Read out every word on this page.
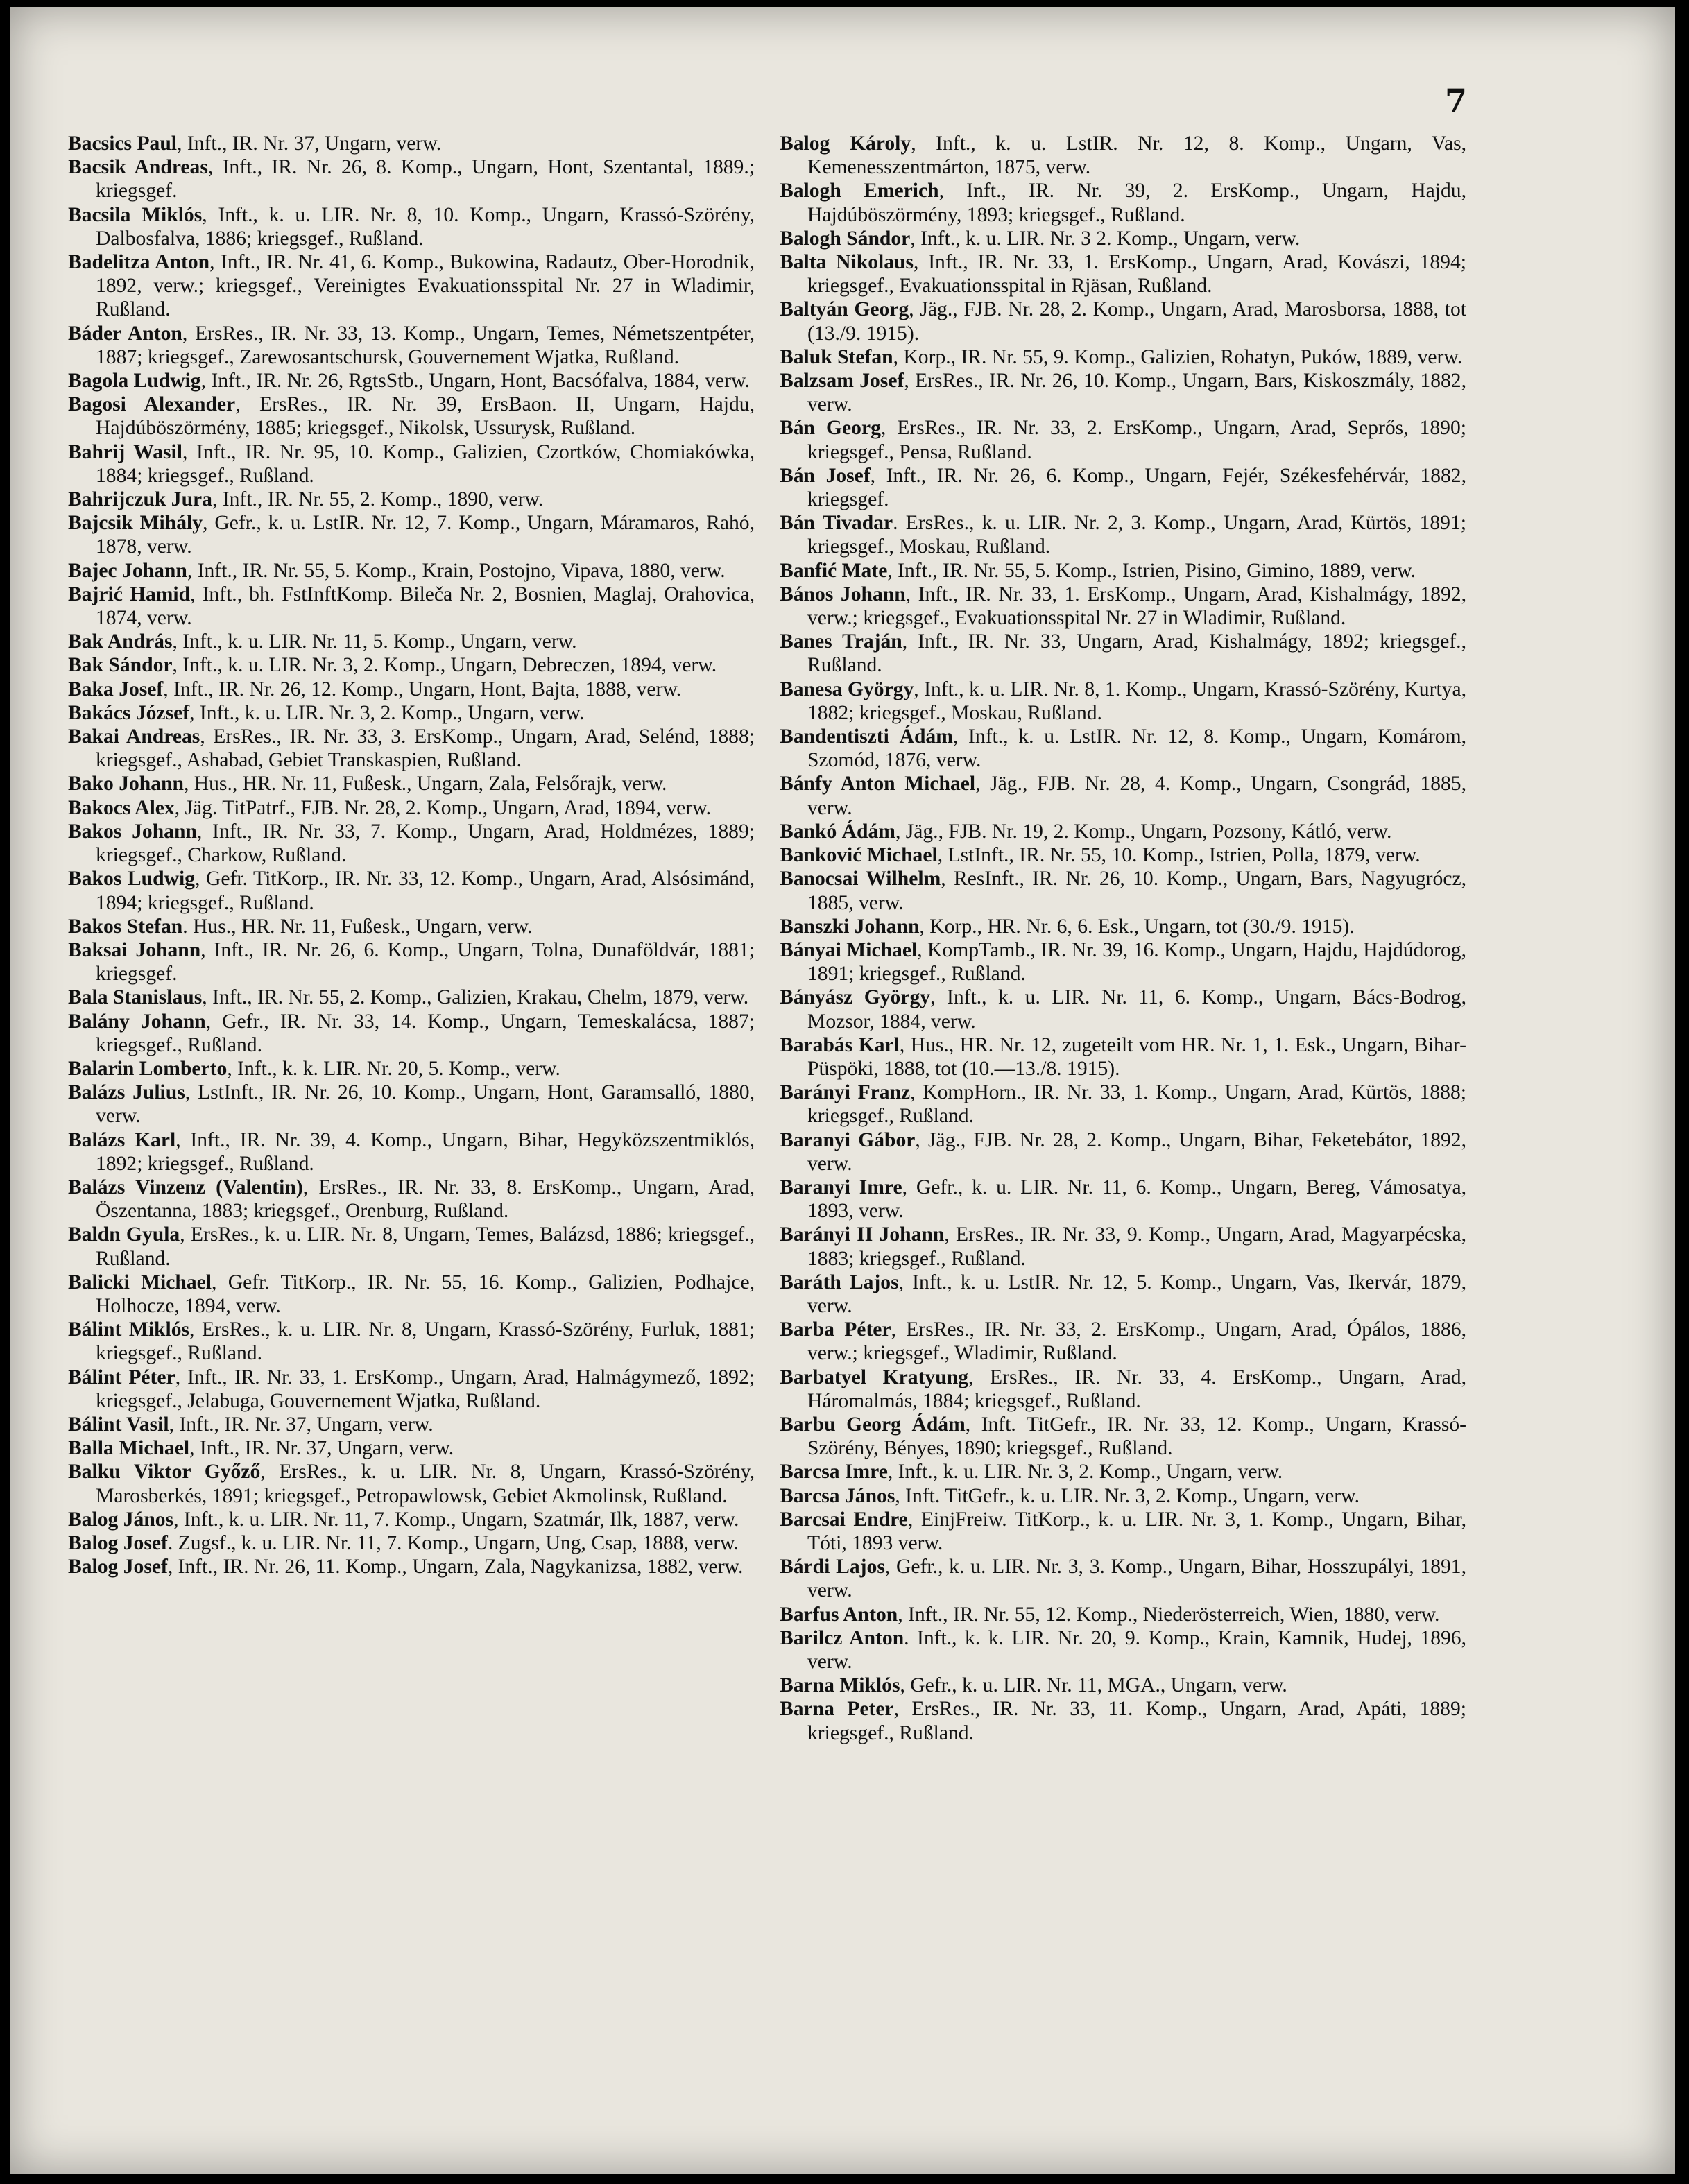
7

Bacsics Paul, Inft., IR. Nr. 37, Ungarn, verw.

Bacsik Andreas, Inft., IR. Nr. 26, 8. Komp., Ungarn, Hont, Szentantal, 1889.; kriegsgef.

Bacsila Miklós, Inft., k. u. LIR. Nr. 8, 10. Komp., Ungarn, Krassó-Szörény, Dalbosfalva, 1886; kriegsgef., Rußland.

Badelitza Anton, Inft., IR. Nr. 41, 6. Komp., Bukowina, Radautz, Ober-Horodnik, 1892, verw.; kriegsgef., Vereinigtes Evakuationsspital Nr. 27 in Wladimir, Rußland.

Báder Anton, ErsRes., IR. Nr. 33, 13. Komp., Ungarn, Temes, Németszentpéter, 1887; kriegsgef., Zarewosantschursk, Gouvernement Wjatka, Rußland.

Bagola Ludwig, Inft., IR. Nr. 26, RgtsStb., Ungarn, Hont, Bacsófalva, 1884, verw.

Bagosi Alexander, ErsRes., IR. Nr. 39, ErsBaon. II, Ungarn, Hajdu, Hajdúböszörmény, 1885; kriegsgef., Nikolsk, Ussurysk, Rußland.

Bahrij Wasil, Inft., IR. Nr. 95, 10. Komp., Galizien, Czortków, Chomiakówka, 1884; kriegsgef., Rußland.

Bahrijczuk Jura, Inft., IR. Nr. 55, 2. Komp., 1890, verw.

Bajcsik Mihály, Gefr., k. u. LstIR. Nr. 12, 7. Komp., Ungarn, Máramaros, Rahó, 1878, verw.

Bajec Johann, Inft., IR. Nr. 55, 5. Komp., Krain, Postojno, Vipava, 1880, verw.

Bajrić Hamid, Inft., bh. FstInftKomp. Bileča Nr. 2, Bosnien, Maglaj, Orahovica, 1874, verw.

Bak András, Inft., k. u. LIR. Nr. 11, 5. Komp., Ungarn, verw.

Bak Sándor, Inft., k. u. LIR. Nr. 3, 2. Komp., Ungarn, Debreczen, 1894, verw.

Baka Josef, Inft., IR. Nr. 26, 12. Komp., Ungarn, Hont, Bajta, 1888, verw.

Bakács József, Inft., k. u. LIR. Nr. 3, 2. Komp., Ungarn, verw.

Bakai Andreas, ErsRes., IR. Nr. 33, 3. ErsKomp., Ungarn, Arad, Selénd, 1888; kriegsgef., Ashabad, Gebiet Transkaspien, Rußland.

Bako Johann, Hus., HR. Nr. 11, Fußesk., Ungarn, Zala, Felsőrajk, verw.

Bakocs Alex, Jäg. TitPatrf., FJB. Nr. 28, 2. Komp., Ungarn, Arad, 1894, verw.

Bakos Johann, Inft., IR. Nr. 33, 7. Komp., Ungarn, Arad, Holdmézes, 1889; kriegsgef., Charkow, Rußland.

Bakos Ludwig, Gefr. TitKorp., IR. Nr. 33, 12. Komp., Ungarn, Arad, Alsósimánd, 1894; kriegsgef., Rußland.

Bakos Stefan. Hus., HR. Nr. 11, Fußesk., Ungarn, verw.

Baksai Johann, Inft., IR. Nr. 26, 6. Komp., Ungarn, Tolna, Dunaföldvár, 1881; kriegsgef.

Bala Stanislaus, Inft., IR. Nr. 55, 2. Komp., Galizien, Krakau, Chelm, 1879, verw.

Balány Johann, Gefr., IR. Nr. 33, 14. Komp., Ungarn, Temeskalácsa, 1887; kriegsgef., Rußland.

Balarin Lomberto, Inft., k. k. LIR. Nr. 20, 5. Komp., verw.

Balázs Julius, LstInft., IR. Nr. 26, 10. Komp., Ungarn, Hont, Garamsalló, 1880, verw.

Balázs Karl, Inft., IR. Nr. 39, 4. Komp., Ungarn, Bihar, Hegyközszentmiklós, 1892; kriegsgef., Rußland.

Balázs Vinzenz (Valentin), ErsRes., IR. Nr. 33, 8. ErsKomp., Ungarn, Arad, Öszentanna, 1883; kriegsgef., Orenburg, Rußland.

Baldn Gyula, ErsRes., k. u. LIR. Nr. 8, Ungarn, Temes, Balázsd, 1886; kriegsgef., Rußland.

Balicki Michael, Gefr. TitKorp., IR. Nr. 55, 16. Komp., Galizien, Podhajce, Holhocze, 1894, verw.

Bálint Miklós, ErsRes., k. u. LIR. Nr. 8, Ungarn, Krassó-Szörény, Furluk, 1881; kriegsgef., Rußland.

Bálint Péter, Inft., IR. Nr. 33, 1. ErsKomp., Ungarn, Arad, Halmágymező, 1892; kriegsgef., Jelabuga, Gouvernement Wjatka, Rußland.

Bálint Vasil, Inft., IR. Nr. 37, Ungarn, verw.

Balla Michael, Inft., IR. Nr. 37, Ungarn, verw.

Balku Viktor Győző, ErsRes., k. u. LIR. Nr. 8, Ungarn, Krassó-Szörény, Marosberkés, 1891; kriegsgef., Petropawlowsk, Gebiet Akmolinsk, Rußland.

Balog János, Inft., k. u. LIR. Nr. 11, 7. Komp., Ungarn, Szatmár, Ilk, 1887, verw.

Balog Josef. Zugsf., k. u. LIR. Nr. 11, 7. Komp., Ungarn, Ung, Csap, 1888, verw.

Balog Josef, Inft., IR. Nr. 26, 11. Komp., Ungarn, Zala, Nagykanizsa, 1882, verw.

Balog Károly, Inft., k. u. LstIR. Nr. 12, 8. Komp., Ungarn, Vas, Kemenesszentmárton, 1875, verw.

Balogh Emerich, Inft., IR. Nr. 39, 2. ErsKomp., Ungarn, Hajdu, Hajdúböszörmény, 1893; kriegsgef., Rußland.

Balogh Sándor, Inft., k. u. LIR. Nr. 3 2. Komp., Ungarn, verw.

Balta Nikolaus, Inft., IR. Nr. 33, 1. ErsKomp., Ungarn, Arad, Kovászi, 1894; kriegsgef., Evakuationsspital in Rjäsan, Rußland.

Baltyán Georg, Jäg., FJB. Nr. 28, 2. Komp., Ungarn, Arad, Marosborsa, 1888, tot (13./9. 1915).

Baluk Stefan, Korp., IR. Nr. 55, 9. Komp., Galizien, Rohatyn, Puków, 1889, verw.

Balzsam Josef, ErsRes., IR. Nr. 26, 10. Komp., Ungarn, Bars, Kiskoszmály, 1882, verw.

Bán Georg, ErsRes., IR. Nr. 33, 2. ErsKomp., Ungarn, Arad, Seprős, 1890; kriegsgef., Pensa, Rußland.

Bán Josef, Inft., IR. Nr. 26, 6. Komp., Ungarn, Fejér, Székesfehérvár, 1882, kriegsgef.

Bán Tivadar. ErsRes., k. u. LIR. Nr. 2, 3. Komp., Ungarn, Arad, Kürtös, 1891; kriegsgef., Moskau, Rußland.

Banfić Mate, Inft., IR. Nr. 55, 5. Komp., Istrien, Pisino, Gimino, 1889, verw.

Bános Johann, Inft., IR. Nr. 33, 1. ErsKomp., Ungarn, Arad, Kishalmágy, 1892, verw.; kriegsgef., Evakuationsspital Nr. 27 in Wladimir, Rußland.

Banes Traján, Inft., IR. Nr. 33, Ungarn, Arad, Kishalmágy, 1892; kriegsgef., Rußland.

Banesa György, Inft., k. u. LIR. Nr. 8, 1. Komp., Ungarn, Krassó-Szörény, Kurtya, 1882; kriegsgef., Moskau, Rußland.

Bandentiszti Ádám, Inft., k. u. LstIR. Nr. 12, 8. Komp., Ungarn, Komárom, Szomód, 1876, verw.

Bánfy Anton Michael, Jäg., FJB. Nr. 28, 4. Komp., Ungarn, Csongrád, 1885, verw.

Bankó Ádám, Jäg., FJB. Nr. 19, 2. Komp., Ungarn, Pozsony, Kátló, verw.

Banković Michael, LstInft., IR. Nr. 55, 10. Komp., Istrien, Polla, 1879, verw.

Banocsai Wilhelm, ResInft., IR. Nr. 26, 10. Komp., Ungarn, Bars, Nagyugrócz, 1885, verw.

Banszki Johann, Korp., HR. Nr. 6, 6. Esk., Ungarn, tot (30./9. 1915).

Bányai Michael, KompTamb., IR. Nr. 39, 16. Komp., Ungarn, Hajdu, Hajdúdorog, 1891; kriegsgef., Rußland.

Bányász György, Inft., k. u. LIR. Nr. 11, 6. Komp., Ungarn, Bács-Bodrog, Mozsor, 1884, verw.

Barabás Karl, Hus., HR. Nr. 12, zugeteilt vom HR. Nr. 1, 1. Esk., Ungarn, Bihar-Püspöki, 1888, tot (10.—13./8. 1915).

Barányi Franz, KompHorn., IR. Nr. 33, 1. Komp., Ungarn, Arad, Kürtös, 1888; kriegsgef., Rußland.

Baranyi Gábor, Jäg., FJB. Nr. 28, 2. Komp., Ungarn, Bihar, Feketebátor, 1892, verw.

Baranyi Imre, Gefr., k. u. LIR. Nr. 11, 6. Komp., Ungarn, Bereg, Vámosatya, 1893, verw.

Barányi II Johann, ErsRes., IR. Nr. 33, 9. Komp., Ungarn, Arad, Magyarpécska, 1883; kriegsgef., Rußland.

Baráth Lajos, Inft., k. u. LstIR. Nr. 12, 5. Komp., Ungarn, Vas, Ikervár, 1879, verw.

Barba Péter, ErsRes., IR. Nr. 33, 2. ErsKomp., Ungarn, Arad, Ópálos, 1886, verw.; kriegsgef., Wladimir, Rußland.

Barbatyel Kratyung, ErsRes., IR. Nr. 33, 4. ErsKomp., Ungarn, Arad, Háromalmás, 1884; kriegsgef., Rußland.

Barbu Georg Ádám, Inft. TitGefr., IR. Nr. 33, 12. Komp., Ungarn, Krassó-Szörény, Bényes, 1890; kriegsgef., Rußland.

Barcsa Imre, Inft., k. u. LIR. Nr. 3, 2. Komp., Ungarn, verw.

Barcsa János, Inft. TitGefr., k. u. LIR. Nr. 3, 2. Komp., Ungarn, verw.

Barcsai Endre, EinjFreiw. TitKorp., k. u. LIR. Nr. 3, 1. Komp., Ungarn, Bihar, Tóti, 1893 verw.

Bárdi Lajos, Gefr., k. u. LIR. Nr. 3, 3. Komp., Ungarn, Bihar, Hosszupályi, 1891, verw.

Barfus Anton, Inft., IR. Nr. 55, 12. Komp., Niederösterreich, Wien, 1880, verw.

Barilcz Anton. Inft., k. k. LIR. Nr. 20, 9. Komp., Krain, Kamnik, Hudej, 1896, verw.

Barna Miklós, Gefr., k. u. LIR. Nr. 11, MGA., Ungarn, verw.

Barna Peter, ErsRes., IR. Nr. 33, 11. Komp., Ungarn, Arad, Apáti, 1889; kriegsgef., Rußland.
